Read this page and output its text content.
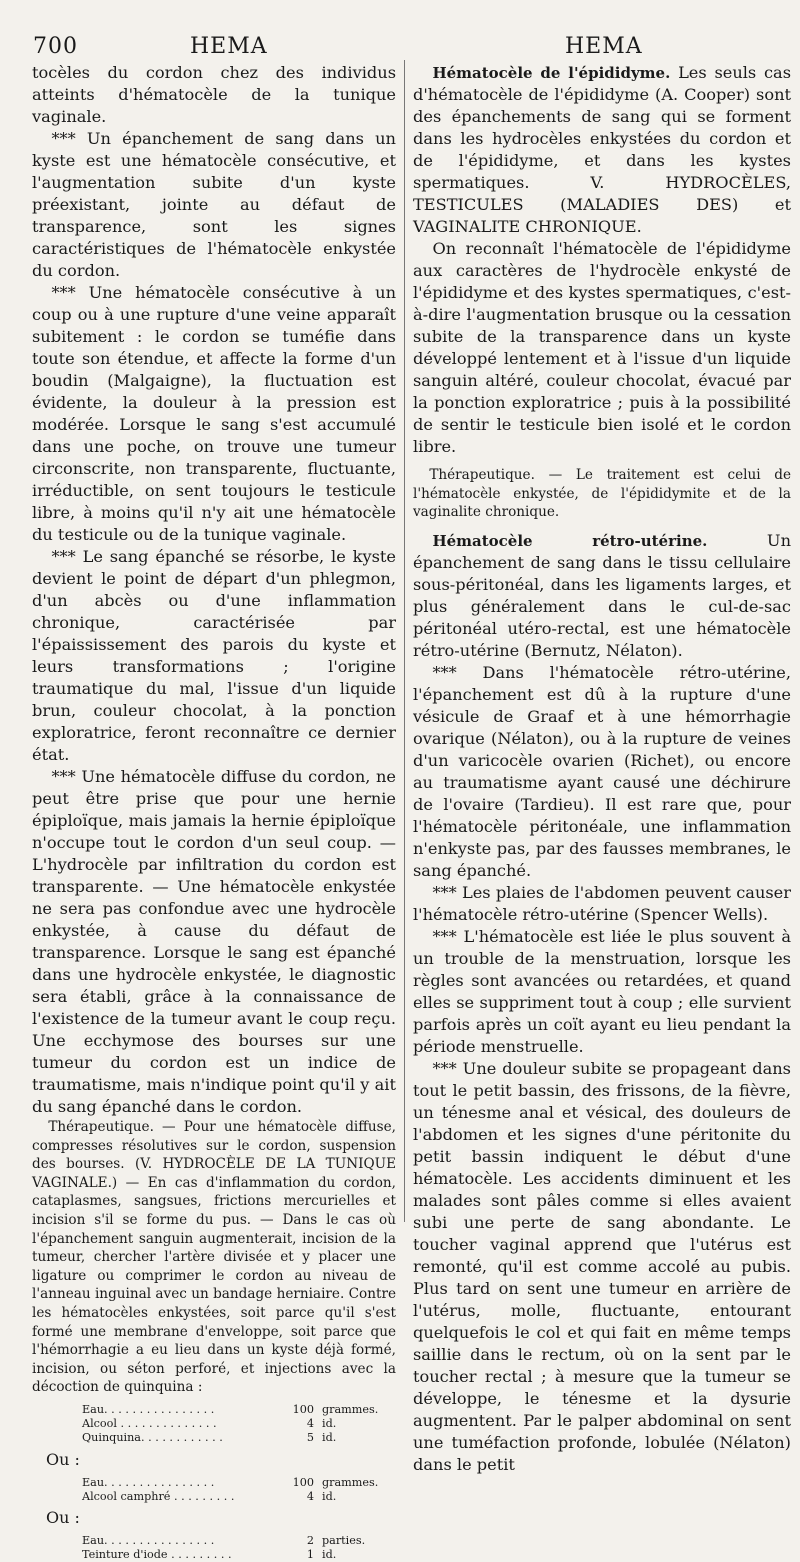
700	HEMA	HEMA

tocèles du cordon chez des individus atteints d'hématocèle de la tunique vaginale.

*** Un épanchement de sang dans un kyste est une hématocèle consécutive, et l'augmentation subite d'un kyste préexistant, jointe au défaut de transparence, sont les signes caractéristiques de l'hématocèle enkystée du cordon.

*** Une hématocèle consécutive à un coup ou à une rupture d'une veine apparaît subitement : le cordon se tuméfie dans toute son étendue, et affecte la forme d'un boudin (Malgaigne), la fluctuation est évidente, la douleur à la pression est modérée. Lorsque le sang s'est accumulé dans une poche, on trouve une tumeur circonscrite, non transparente, fluctuante, irréductible, on sent toujours le testicule libre, à moins qu'il n'y ait une hématocèle du testicule ou de la tunique vaginale.

*** Le sang épanché se résorbe, le kyste devient le point de départ d'un phlegmon, d'un abcès ou d'une inflammation chronique, caractérisée par l'épaississement des parois du kyste et leurs transformations ; l'origine traumatique du mal, l'issue d'un liquide brun, couleur chocolat, à la ponction exploratrice, feront reconnaître ce dernier état.

*** Une hématocèle diffuse du cordon, ne peut être prise que pour une hernie épiploïque, mais jamais la hernie épiploïque n'occupe tout le cordon d'un seul coup. — L'hydrocèle par infiltration du cordon est transparente. — Une hématocèle enkystée ne sera pas confondue avec une hydrocèle enkystée, à cause du défaut de transparence. Lorsque le sang est épanché dans une hydrocèle enkystée, le diagnostic sera établi, grâce à la connaissance de l'existence de la tumeur avant le coup reçu. Une ecchymose des bourses sur une tumeur du cordon est un indice de traumatisme, mais n'indique point qu'il y ait du sang épanché dans le cordon.

Thérapeutique. — Pour une hématocèle diffuse, compresses résolutives sur le cordon, suspension des bourses. (V. HYDROCÈLE DE LA TUNIQUE VAGINALE.) — En cas d'inflammation du cordon, cataplasmes, sangsues, frictions mercurielles et incision s'il se forme du pus. — Dans le cas où l'épanchement sanguin augmenterait, incision de la tumeur, chercher l'artère divisée et y placer une ligature ou comprimer le cordon au niveau de l'anneau inguinal avec un bandage herniaire. Contre les hématocèles enkystées, soit parce qu'il s'est formé une membrane d'enveloppe, soit parce que l'hémorrhagie a eu lieu dans un kyste déjà formé, incision, ou séton perforé, et injections avec la décoction de quinquina :

Eau. . . . . . . . . . . . . . . .	100 grammes.
Alcool . . . . . . . . . . . . . .	4 id.
Quinquina. . . . . . . . . . . .	5 id.
Ou :
Eau. . . . . . . . . . . . . . . .	100 grammes.
Alcool camphré . . . . . . . . .	4 id.
Ou :
Eau. . . . . . . . . . . . . . . .	2 parties.
Teinture d'iode . . . . . . . . .	1 id.

Hématocèle de l'épididyme. Les seuls cas d'hématocèle de l'épididyme (A. Cooper) sont des épanchements de sang qui se forment dans les hydrocèles enkystées du cordon et de l'épididyme, et dans les kystes spermatiques. V. HYDROCÈLES, TESTICULES (MALADIES DES) et VAGINALITE CHRONIQUE.

On reconnaît l'hématocèle de l'épididyme aux caractères de l'hydrocèle enkysté de l'épididyme et des kystes spermatiques, c'est-à-dire l'augmentation brusque ou la cessation subite de la transparence dans un kyste développé lentement et à l'issue d'un liquide sanguin altéré, couleur chocolat, évacué par la ponction exploratrice ; puis à la possibilité de sentir le testicule bien isolé et le cordon libre.

Thérapeutique. — Le traitement est celui de l'hématocèle enkystée, de l'épididymite et de la vaginalite chronique.

Hématocèle rétro-utérine.	Un épanchement de sang dans le tissu cellulaire sous-péritonéal, dans les ligaments larges, et plus généralement dans le cul-de-sac péritonéal utéro-rectal, est une hématocèle rétro-utérine (Bernutz, Nélaton).

*** Dans l'hématocèle rétro-utérine, l'épanchement est dû à la rupture d'une vésicule de Graaf et à une hémorrhagie ovarique (Nélaton), ou à la rupture de veines d'un varicocèle ovarien (Richet), ou encore au traumatisme ayant causé une déchirure de l'ovaire (Tardieu). Il est rare que, pour l'hématocèle péritonéale, une inflammation n'enkyste pas, par des fausses membranes, le sang épanché.

*** Les plaies de l'abdomen peuvent causer l'hématocèle rétro-utérine (Spencer Wells).

*** L'hématocèle est liée le plus souvent à un trouble de la menstruation, lorsque les règles sont avancées ou retardées, et quand elles se suppriment tout à coup ; elle survient parfois après un coït ayant eu lieu pendant la période menstruelle.

*** Une douleur subite se propageant dans tout le petit bassin, des frissons, de la fièvre, un ténesme anal et vésical, des douleurs de l'abdomen et les signes d'une péritonite du petit bassin indiquent le début d'une hématocèle. Les accidents diminuent et les malades sont pâles comme si elles avaient subi une perte de sang abondante. Le toucher vaginal apprend que l'utérus est remonté, qu'il est comme accolé au pubis. Plus tard on sent une tumeur en arrière de l'utérus, molle, fluctuante, entourant quelquefois le col et qui fait en même temps saillie dans le rectum, où on la sent par le toucher rectal ; à mesure que la tumeur se développe, le ténesme et la dysurie augmentent. Par le palper abdominal on sent une tuméfaction profonde, lobulée (Nélaton) dans le petit
